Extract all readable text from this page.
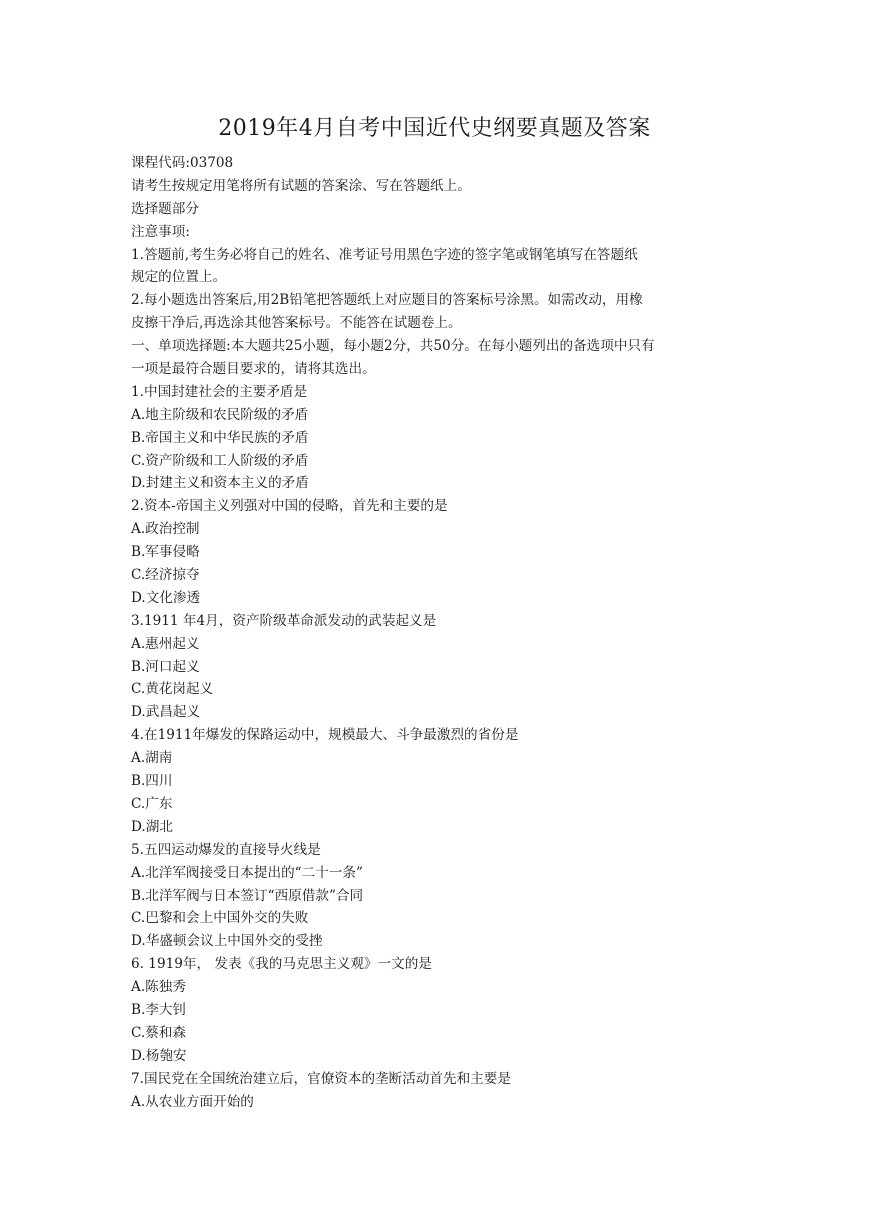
2019年4月自考中国近代史纲要真题及答案
课程代码:03708
请考生按规定用笔将所有试题的答案涂、写在答题纸上。
选择题部分
注意事项:
1.答题前,考生务必将自己的姓名、准考证号用黑色字迹的签字笔或钢笔填写在答题纸
规定的位置上。
2.每小题选出答案后,用2B铅笔把答题纸上对应题目的答案标号涂黑。如需改动，用橡
皮擦干净后,再选涂其他答案标号。不能答在试题卷上。
一、单项选择题:本大题共25小题，每小题2分，共50分。在每小题列出的备选项中只有
一项是最符合题目要求的，请将其选出。
1.中国封建社会的主要矛盾是
A.地主阶级和农民阶级的矛盾
B.帝国主义和中华民族的矛盾
C.资产阶级和工人阶级的矛盾
D.封建主义和资本主义的矛盾
2.资本-帝国主义列强对中国的侵略，首先和主要的是
A.政治控制
B.军事侵略
C.经济掠夺
D.文化渗透
3.1911 年4月，资产阶级革命派发动的武装起义是
A.惠州起义
B.河口起义
C.黄花岗起义
D.武昌起义
4.在1911年爆发的保路运动中，规模最大、斗争最激烈的省份是
A.湖南
B.四川
C.广东
D.湖北
5.五四运动爆发的直接导火线是
A.北洋军阀接受日本提出的“二十一条”
B.北洋军阀与日本签订“西原借款”合同
C.巴黎和会上中国外交的失败
D.华盛顿会议上中国外交的受挫
6. 1919年， 发表《我的马克思主义观》一文的是
A.陈独秀
B.李大钊
C.蔡和森
D.杨匏安
7.国民党在全国统治建立后，官僚资本的垄断活动首先和主要是
A.从农业方面开始的
